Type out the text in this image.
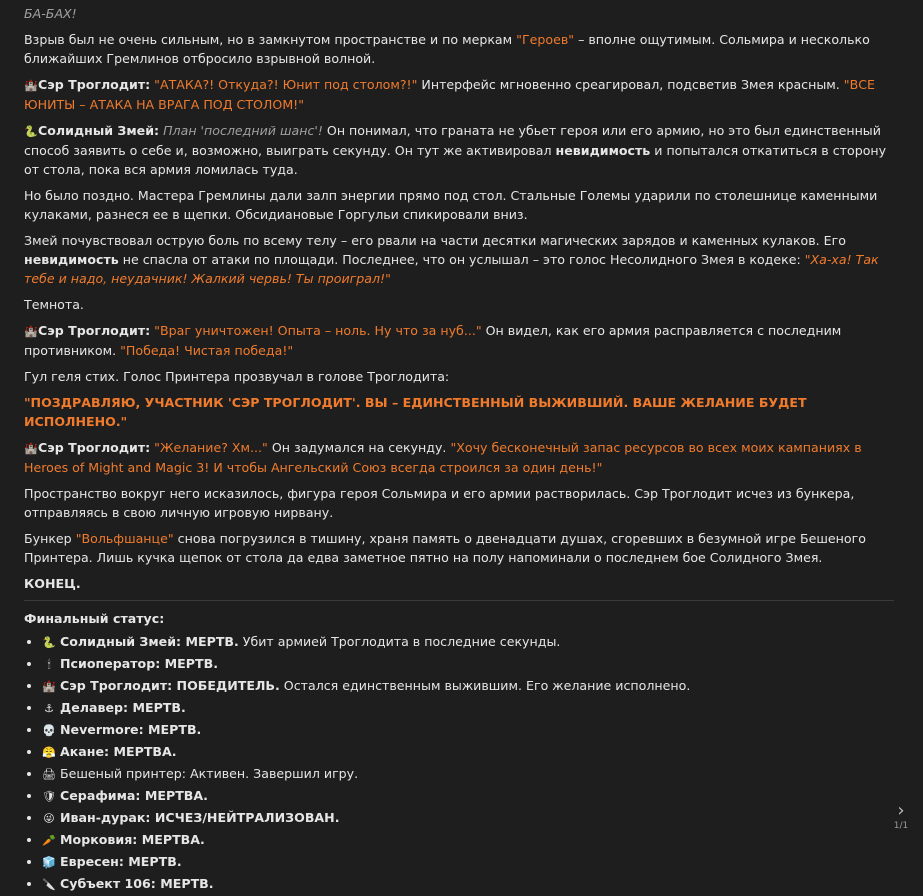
БА-БАХ!

Взрыв был не очень сильным, но в замкнутом пространстве и по меркам "Героев" – вполне ощутимым. Сольмира и несколько ближайших Гремлинов отбросило взрывной волной.

🏰Сэр Троглодит: "АТАКА?! Откуда?! Юнит под столом?!" Интерфейс мгновенно среагировал, подсветив Змея красным. "ВСЕ ЮНИТЫ – АТАКА НА ВРАГА ПОД СТОЛОМ!"

🐍Солидный Змей: План 'последний шанс'! Он понимал, что граната не убьет героя или его армию, но это был единственный способ заявить о себе и, возможно, выиграть секунду. Он тут же активировал невидимость и попытался откатиться в сторону от стола, пока вся армия ломилась туда.

Но было поздно. Мастера Гремлины дали залп энергии прямо под стол. Стальные Големы ударили по столешнице каменными кулаками, разнеся ее в щепки. Обсидиановые Горгульи спикировали вниз.

Змей почувствовал острую боль по всему телу – его рвали на части десятки магических зарядов и каменных кулаков. Его невидимость не спасла от атаки по площади. Последнее, что он услышал – это голос Несолидного Змея в кодеке: "Ха-ха! Так тебе и надо, неудачник! Жалкий червь! Ты проиграл!"

Темнота.

🏰Сэр Троглодит: "Враг уничтожен! Опыта – ноль. Ну что за нуб..." Он видел, как его армия расправляется с последним противником. "Победа! Чистая победа!"

Гул геля стих. Голос Принтера прозвучал в голове Троглодита:

"ПОЗДРАВЛЯЮ, УЧАСТНИК 'СЭР ТРОГЛОДИТ'. ВЫ – ЕДИНСТВЕННЫЙ ВЫЖИВШИЙ. ВАШЕ ЖЕЛАНИЕ БУДЕТ ИСПОЛНЕНО."

🏰Сэр Троглодит: "Желание? Хм..." Он задумался на секунду. "Хочу бесконечный запас ресурсов во всех моих кампаниях в Heroes of Might and Magic 3! И чтобы Ангельский Союз всегда строился за один день!"

Пространство вокруг него исказилось, фигура героя Сольмира и его армии растворилась. Сэр Троглодит исчез из бункера, отправляясь в свою личную игровую нирвану.

Бункер "Вольфшанце" снова погрузился в тишину, храня память о двенадцати душах, сгоревших в безумной игре Бешеного Принтера. Лишь кучка щепок от стола да едва заметное пятно на полу напоминали о последнем бое Солидного Змея.

КОНЕЦ.

Финальный статус:

• 🐍 Солидный Змей: МЕРТВ. Убит армией Троглодита в последние секунды.
• 🕯 Псиоператор: МЕРТВ.
• 🏰 Сэр Троглодит: ПОБЕДИТЕЛЬ. Остался единственным выжившим. Его желание исполнено.
• ⚓ Делавер: МЕРТВ.
• 💀 Nevermore: МЕРТВ.
• 😤 Акане: МЕРТВА.
• 🖨 Бешеный принтер: Активен. Завершил игру.
• 🛡 Серафима: МЕРТВА.
• 😜 Иван-дурак: ИСЧЕЗ/НЕЙТРАЛИЗОВАН.
• 🥕 Морковия: МЕРТВА.
• 🧊 Евресен: МЕРТВ.
• 🔪 Субъект 106: МЕРТВ.
›
1/1
